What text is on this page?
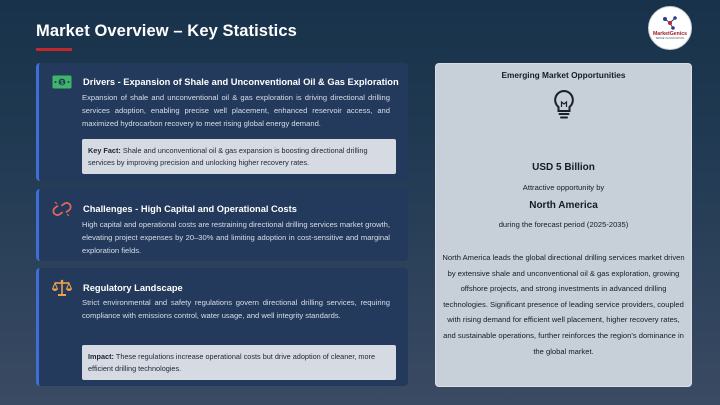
Market Overview – Key Statistics	MarketGenics
SENSE IN INNOVATION
$ Drivers - Expansion of Shale and Unconventional Oil & Gas Exploration
Expansion of shale and unconventional oil & gas exploration is driving directional drilling services adoption, enabling precise well placement, enhanced reservoir access, and maximized hydrocarbon recovery to meet rising global energy demand.
Key Fact: Shale and unconventional oil & gas expansion is boosting directional drilling services by improving precision and unlocking higher recovery rates.
Challenges - High Capital and Operational Costs
High capital and operational costs are restraining directional drilling services market growth, elevating project expenses by 20–30% and limiting adoption in cost-sensitive and marginal exploration fields.
Regulatory Landscape
Strict environmental and safety regulations govern directional drilling services, requiring compliance with emissions control, water usage, and well integrity standards.
Impact: These regulations increase operational costs but drive adoption of cleaner, more efficient drilling technologies.
Emerging Market Opportunities
USD 5 Billion
Attractive opportunity by
North America
during the forecast period (2025-2035)
North America leads the global directional drilling services market driven by extensive shale and unconventional oil & gas exploration, growing offshore projects, and strong investments in advanced drilling technologies. Significant presence of leading service providers, coupled with rising demand for efficient well placement, higher recovery rates, and sustainable operations, further reinforces the region's dominance in the global market.
